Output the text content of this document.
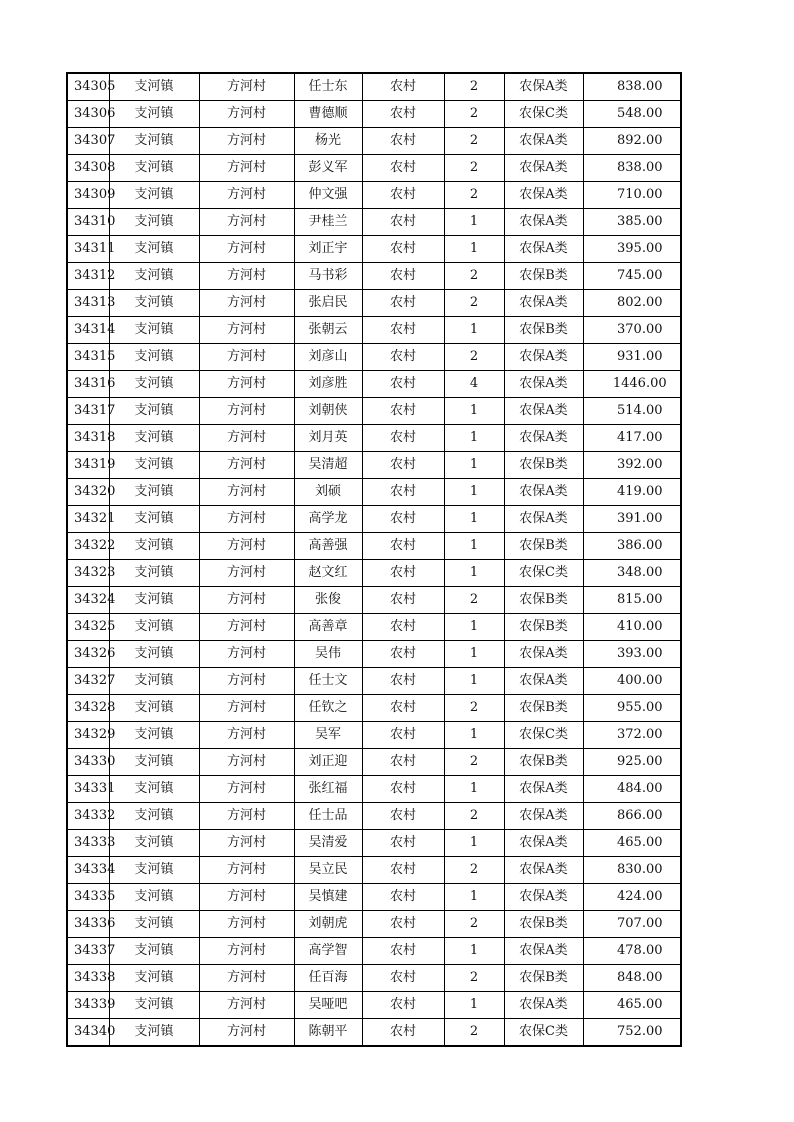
34305	支河镇	方河村	任士东	农村	2	农保A类	838.00
34306	支河镇	方河村	曹德顺	农村	2	农保C类	548.00
34307	支河镇	方河村	杨光	农村	2	农保A类	892.00
34308	支河镇	方河村	彭义军	农村	2	农保A类	838.00
34309	支河镇	方河村	仲文强	农村	2	农保A类	710.00
34310	支河镇	方河村	尹桂兰	农村	1	农保A类	385.00
34311	支河镇	方河村	刘正宇	农村	1	农保A类	395.00
34312	支河镇	方河村	马书彩	农村	2	农保B类	745.00
34313	支河镇	方河村	张启民	农村	2	农保A类	802.00
34314	支河镇	方河村	张朝云	农村	1	农保B类	370.00
34315	支河镇	方河村	刘彦山	农村	2	农保A类	931.00
34316	支河镇	方河村	刘彦胜	农村	4	农保A类	1446.00
34317	支河镇	方河村	刘朝侠	农村	1	农保A类	514.00
34318	支河镇	方河村	刘月英	农村	1	农保A类	417.00
34319	支河镇	方河村	吴清超	农村	1	农保B类	392.00
34320	支河镇	方河村	刘硕	农村	1	农保A类	419.00
34321	支河镇	方河村	高学龙	农村	1	农保A类	391.00
34322	支河镇	方河村	高善强	农村	1	农保B类	386.00
34323	支河镇	方河村	赵文红	农村	1	农保C类	348.00
34324	支河镇	方河村	张俊	农村	2	农保B类	815.00
34325	支河镇	方河村	高善章	农村	1	农保B类	410.00
34326	支河镇	方河村	吴伟	农村	1	农保A类	393.00
34327	支河镇	方河村	任士文	农村	1	农保A类	400.00
34328	支河镇	方河村	任钦之	农村	2	农保B类	955.00
34329	支河镇	方河村	吴军	农村	1	农保C类	372.00
34330	支河镇	方河村	刘正迎	农村	2	农保B类	925.00
34331	支河镇	方河村	张红福	农村	1	农保A类	484.00
34332	支河镇	方河村	任士品	农村	2	农保A类	866.00
34333	支河镇	方河村	吴清爱	农村	1	农保A类	465.00
34334	支河镇	方河村	吴立民	农村	2	农保A类	830.00
34335	支河镇	方河村	吴慎建	农村	1	农保A类	424.00
34336	支河镇	方河村	刘朝虎	农村	2	农保B类	707.00
34337	支河镇	方河村	高学智	农村	1	农保A类	478.00
34338	支河镇	方河村	任百海	农村	2	农保B类	848.00
34339	支河镇	方河村	吴哑吧	农村	1	农保A类	465.00
34340	支河镇	方河村	陈朝平	农村	2	农保C类	752.00
